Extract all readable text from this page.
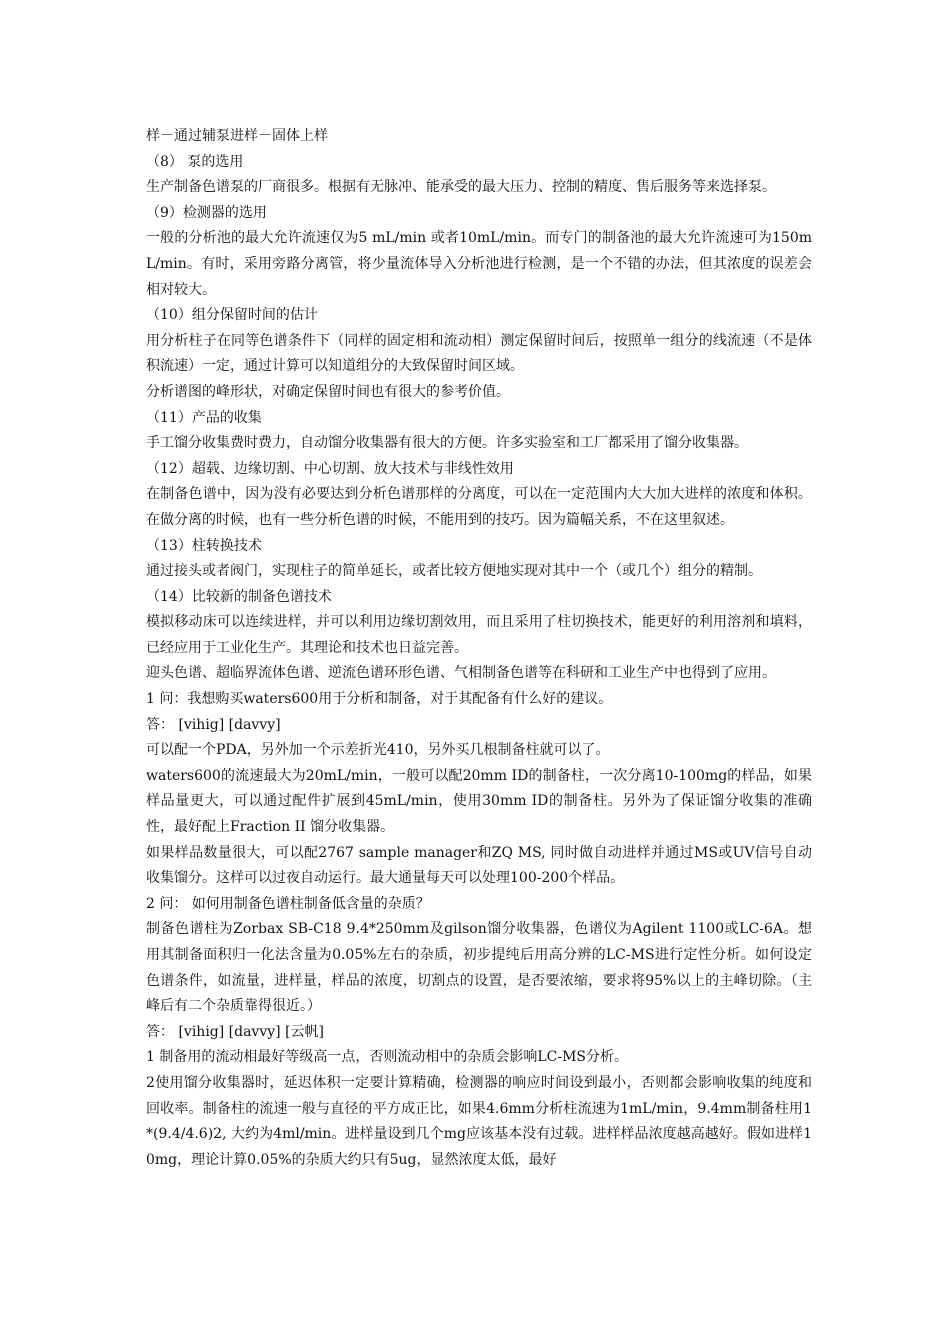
样－通过辅泵进样－固体上样

（8） 泵的选用

生产制备色谱泵的厂商很多。根据有无脉冲、能承受的最大压力、控制的精度、售后服务等来选择泵。

（9）检测器的选用

一般的分析池的最大允许流速仅为5 mL/min 或者10mL/min。而专门的制备池的最大允许流速可为150mL/min。有时，采用旁路分离管，将少量流体导入分析池进行检测，是一个不错的办法，但其浓度的误差会相对较大。

（10）组分保留时间的估计

用分析柱子在同等色谱条件下（同样的固定相和流动相）测定保留时间后，按照单一组分的线流速（不是体积流速）一定，通过计算可以知道组分的大致保留时间区域。

分析谱图的峰形状，对确定保留时间也有很大的参考价值。

（11）产品的收集

手工馏分收集费时费力，自动馏分收集器有很大的方便。许多实验室和工厂都采用了馏分收集器。

（12）超载、边缘切割、中心切割、放大技术与非线性效用

在制备色谱中，因为没有必要达到分析色谱那样的分离度，可以在一定范围内大大加大进样的浓度和体积。在做分离的时候，也有一些分析色谱的时候，不能用到的技巧。因为篇幅关系，不在这里叙述。

（13）柱转换技术

通过接头或者阀门，实现柱子的简单延长，或者比较方便地实现对其中一个（或几个）组分的精制。

（14）比较新的制备色谱技术

模拟移动床可以连续进样，并可以利用边缘切割效用，而且采用了柱切换技术，能更好的利用溶剂和填料，已经应用于工业化生产。其理论和技术也日益完善。

迎头色谱、超临界流体色谱、逆流色谱环形色谱、气相制备色谱等在科研和工业生产中也得到了应用。

1 问：我想购买waters600用于分析和制备，对于其配备有什么好的建议。

答： [vihig] [davvy]

可以配一个PDA，另外加一个示差折光410，另外买几根制备柱就可以了。

waters600的流速最大为20mL/min，一般可以配20mm ID的制备柱，一次分离10-100mg的样品，如果样品量更大，可以通过配件扩展到45mL/min，使用30mm ID的制备柱。另外为了保证馏分收集的准确性，最好配上Fraction II 馏分收集器。

如果样品数量很大，可以配2767 sample manager和ZQ MS, 同时做自动进样并通过MS或UV信号自动收集馏分。这样可以过夜自动运行。最大通量每天可以处理100-200个样品。

2 问： 如何用制备色谱柱制备低含量的杂质？

制备色谱柱为Zorbax SB-C18 9.4*250mm及gilson馏分收集器，色谱仪为Agilent 1100或LC-6A。想用其制备面积归一化法含量为0.05%左右的杂质，初步提纯后用高分辨的LC-MS进行定性分析。如何设定色谱条件，如流量，进样量，样品的浓度，切割点的设置，是否要浓缩，要求将95%以上的主峰切除。（主峰后有二个杂质靠得很近。）

答： [vihig] [davvy] [云帆]

1 制备用的流动相最好等级高一点，否则流动相中的杂质会影响LC-MS分析。

2使用馏分收集器时，延迟体积一定要计算精确，检测器的响应时间设到最小，否则都会影响收集的纯度和回收率。制备柱的流速一般与直径的平方成正比，如果4.6mm分析柱流速为1mL/min，9.4mm制备柱用1*(9.4/4.6)2, 大约为4ml/min。进样量设到几个mg应该基本没有过载。进样样品浓度越高越好。假如进样10mg，理论计算0.05%的杂质大约只有5ug，显然浓度太低，最好
